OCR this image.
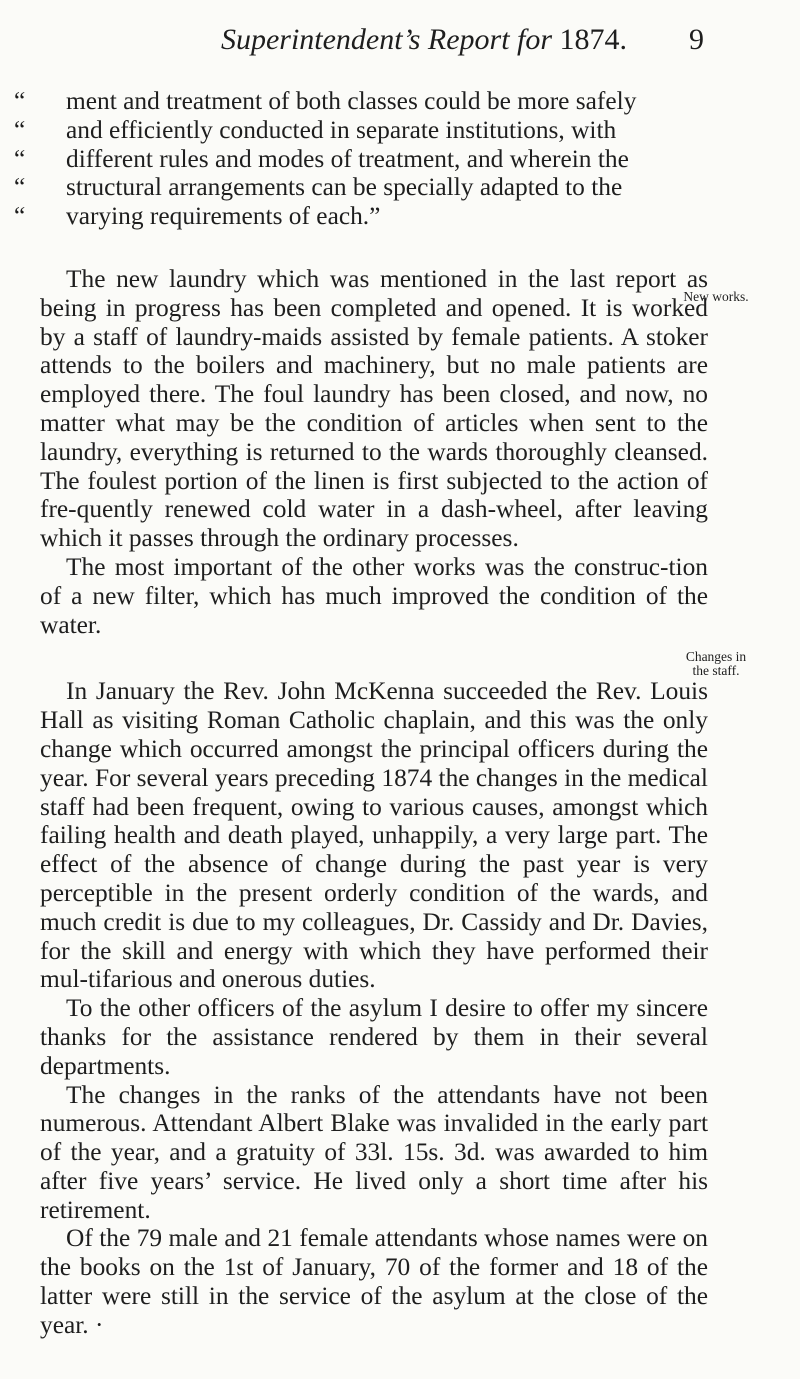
Superintendent’s Report for 1874.	9
“	ment and treatment of both classes could be more safely
“	and efficiently conducted in separate institutions, with
“	different rules and modes of treatment, and wherein the
“	structural arrangements can be specially adapted to the
“	varying requirements of each.”
The new laundry which was mentioned in the last report as being in progress has been completed and opened. It is worked by a staff of laundry-maids assisted by female patients. A stoker attends to the boilers and machinery, but no male patients are employed there. The foul laundry has been closed, and now, no matter what may be the condition of articles when sent to the laundry, everything is returned to the wards thoroughly cleansed. The foulest portion of the linen is first subjected to the action of fre-quently renewed cold water in a dash-wheel, after leaving which it passes through the ordinary processes.
The most important of the other works was the construc-tion of a new filter, which has much improved the condition of the water.
In January the Rev. John McKenna succeeded the Rev. Louis Hall as visiting Roman Catholic chaplain, and this was the only change which occurred amongst the principal officers during the year. For several years preceding 1874 the changes in the medical staff had been frequent, owing to various causes, amongst which failing health and death played, unhappily, a very large part. The effect of the absence of change during the past year is very perceptible in the present orderly condition of the wards, and much credit is due to my colleagues, Dr. Cassidy and Dr. Davies, for the skill and energy with which they have performed their mul-tifarious and onerous duties.
To the other officers of the asylum I desire to offer my sincere thanks for the assistance rendered by them in their several departments.
The changes in the ranks of the attendants have not been numerous. Attendant Albert Blake was invalided in the early part of the year, and a gratuity of 33l. 15s. 3d. was awarded to him after five years’ service. He lived only a short time after his retirement.
Of the 79 male and 21 female attendants whose names were on the books on the 1st of January, 70 of the former and 18 of the latter were still in the service of the asylum at the close of the year. ·
New works.
Changes in
the staff.
